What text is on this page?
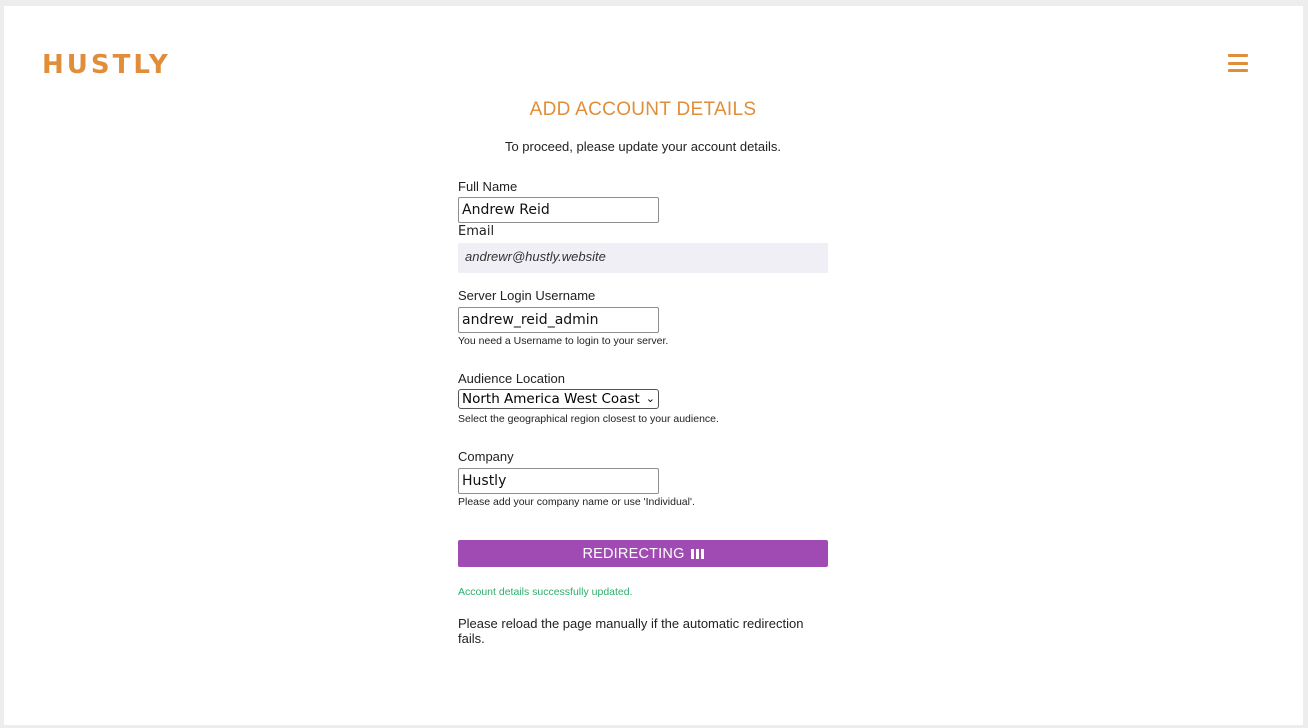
HUSTLY
ADD ACCOUNT DETAILS
To proceed, please update your account details.
Full Name
Andrew Reid
Email
andrewr@hustly.website
Server Login Username
andrew_reid_admin
You need a Username to login to your server.
Audience Location
North America West Coast ⌄
Select the geographical region closest to your audience.
Company
Hustly
Please add your company name or use 'Individual'.
REDIRECTING
Account details successfully updated.
Please reload the page manually if the automatic redirection fails.
